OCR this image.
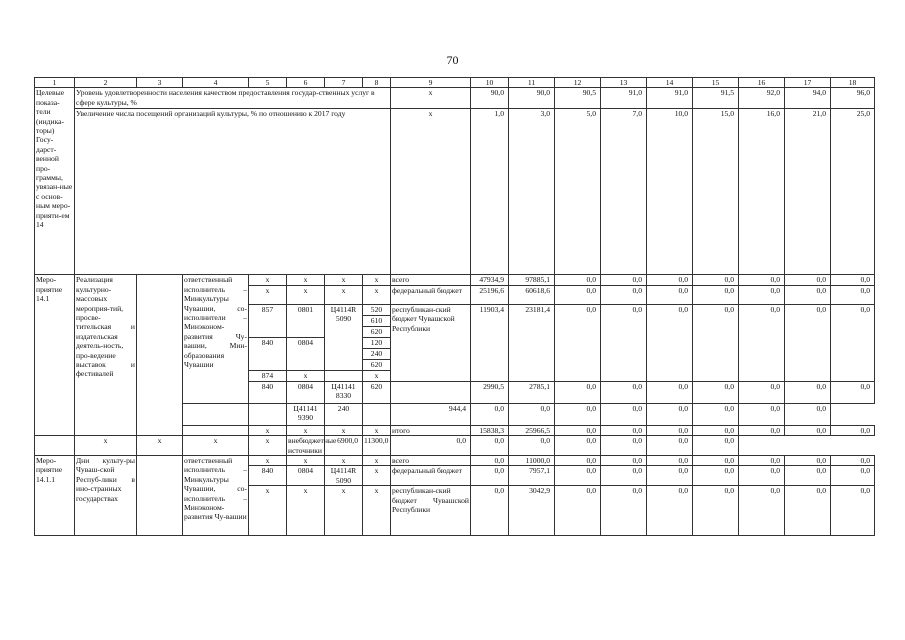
70
1	2	3	4	5	6	7	8	9	10	11	12	13	14	15	16	17	18
Целевые показа-тели (индика-торы) Госу-дарст-венной про-граммы, увязан-ные с основ-ным меро-прияти-ем 14	Уровень удовлетворенности населения качеством предоставления государ-ственных услуг в сфере культуры, %							x	90,0	90,0	90,5	91,0	91,0	91,5	92,0	94,0	96,0
	Увеличение числа посещений организаций культуры, % по отношению к 2017 году							x	1,0	3,0	5,0	7,0	10,0	15,0	16,0	21,0	25,0
Меро-приятие 14.1	Реализация культурно-массовых мероприя-тий, просве-тительская и издательская деятель-ность, про-ведение выставок и фестивалей		ответственный исполнитель – Минкультуры Чувашии, со-исполнители – Минэконом-развития Чу-вашии, Мин-образования Чувашии	x	x	x	x	всего	47934,9	97885,1	0,0	0,0	0,0	0,0	0,0	0,0	0,0
				x	x	x	x	федеральный бюджет	25196,6	60618,6	0,0	0,0	0,0	0,0	0,0	0,0	0,0
				857	0801	Ц4114R 5090	520	республикан-ский бюджет Чувашской Республики	11903,4	23181,4	0,0	0,0	0,0	0,0	0,0	0,0	0,0
							610										
							620										
				840	0804		120										
							240										
							620										
				874	x		x										
				840	0804	Ц41141 8330	620		2990,5	2785,1	0,0	0,0	0,0	0,0	0,0	0,0	0,0
					Ц41141 9390	240		944,4	0,0	0,0	0,0	0,0	0,0	0,0	0,0	0,0	
				x	x	x	x	итого	15838,3	25966,5	0,0	0,0	0,0	0,0	0,0	0,0	0,0
	x	x	x	x	внебюджетные источники	6900,0	11300,0	0,0	0,0	0,0	0,0	0,0	0,0	0,0			
Меро-приятие 14.1.1	Дни культу-ры Чуваш-ской Респуб-лики в ино-странных государствах		ответственный исполнитель – Минкультуры Чувашии, со-исполнитель – Минэконом-развития Чу-вашии	x	x	x	x	всего	0,0	11000,0	0,0	0,0	0,0	0,0	0,0	0,0	0,0
				840	0804	Ц4114R 5090	x	федеральный бюджет	0,0	7957,1	0,0	0,0	0,0	0,0	0,0	0,0	0,0
				x	x	x	x	республикан-ский бюджет Чувашской Республики	0,0	3042,9	0,0	0,0	0,0	0,0	0,0	0,0	0,0
